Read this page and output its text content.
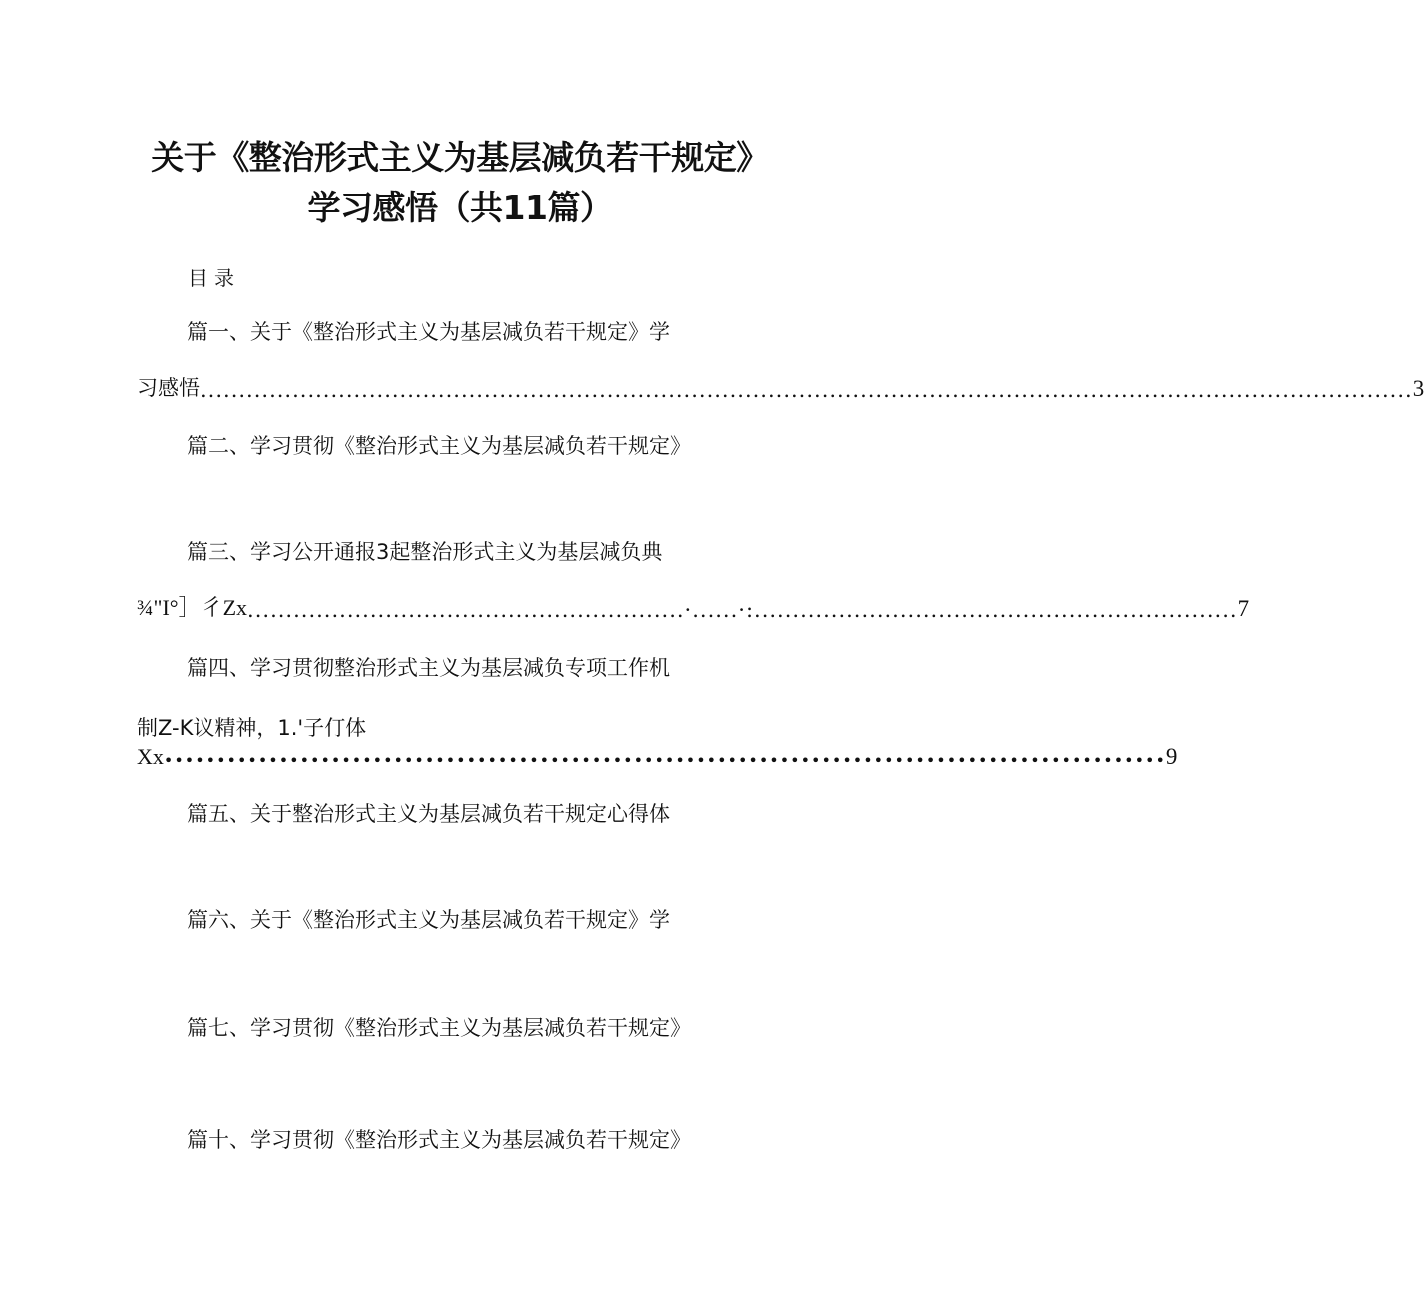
关于《整治形式主义为基层减负若干规定》
学习感悟（共11篇）
目录
篇一、关于《整治形式主义为基层减负若干规定》学
习感悟 .............................................................................................................................................................. 3
篇二、学习贯彻《整治形式主义为基层减负若干规定》
篇三、学习公开通报3起整治形式主义为基层减负典
¾"I°］彳Zx .........................................................·......·:............................................................... 7
篇四、学习贯彻整治形式主义为基层减负专项工作机
制Z-K议精神，1.'子仃体
Xx •••••••••••••••••••••••••••••••••••••••••••••••••••••••••••••••••••••••••••••••••••••••••••••••• 9
篇五、关于整治形式主义为基层减负若干规定心得体
篇六、关于《整治形式主义为基层减负若干规定》学
篇七、学习贯彻《整治形式主义为基层减负若干规定》
篇十、学习贯彻《整治形式主义为基层减负若干规定》
